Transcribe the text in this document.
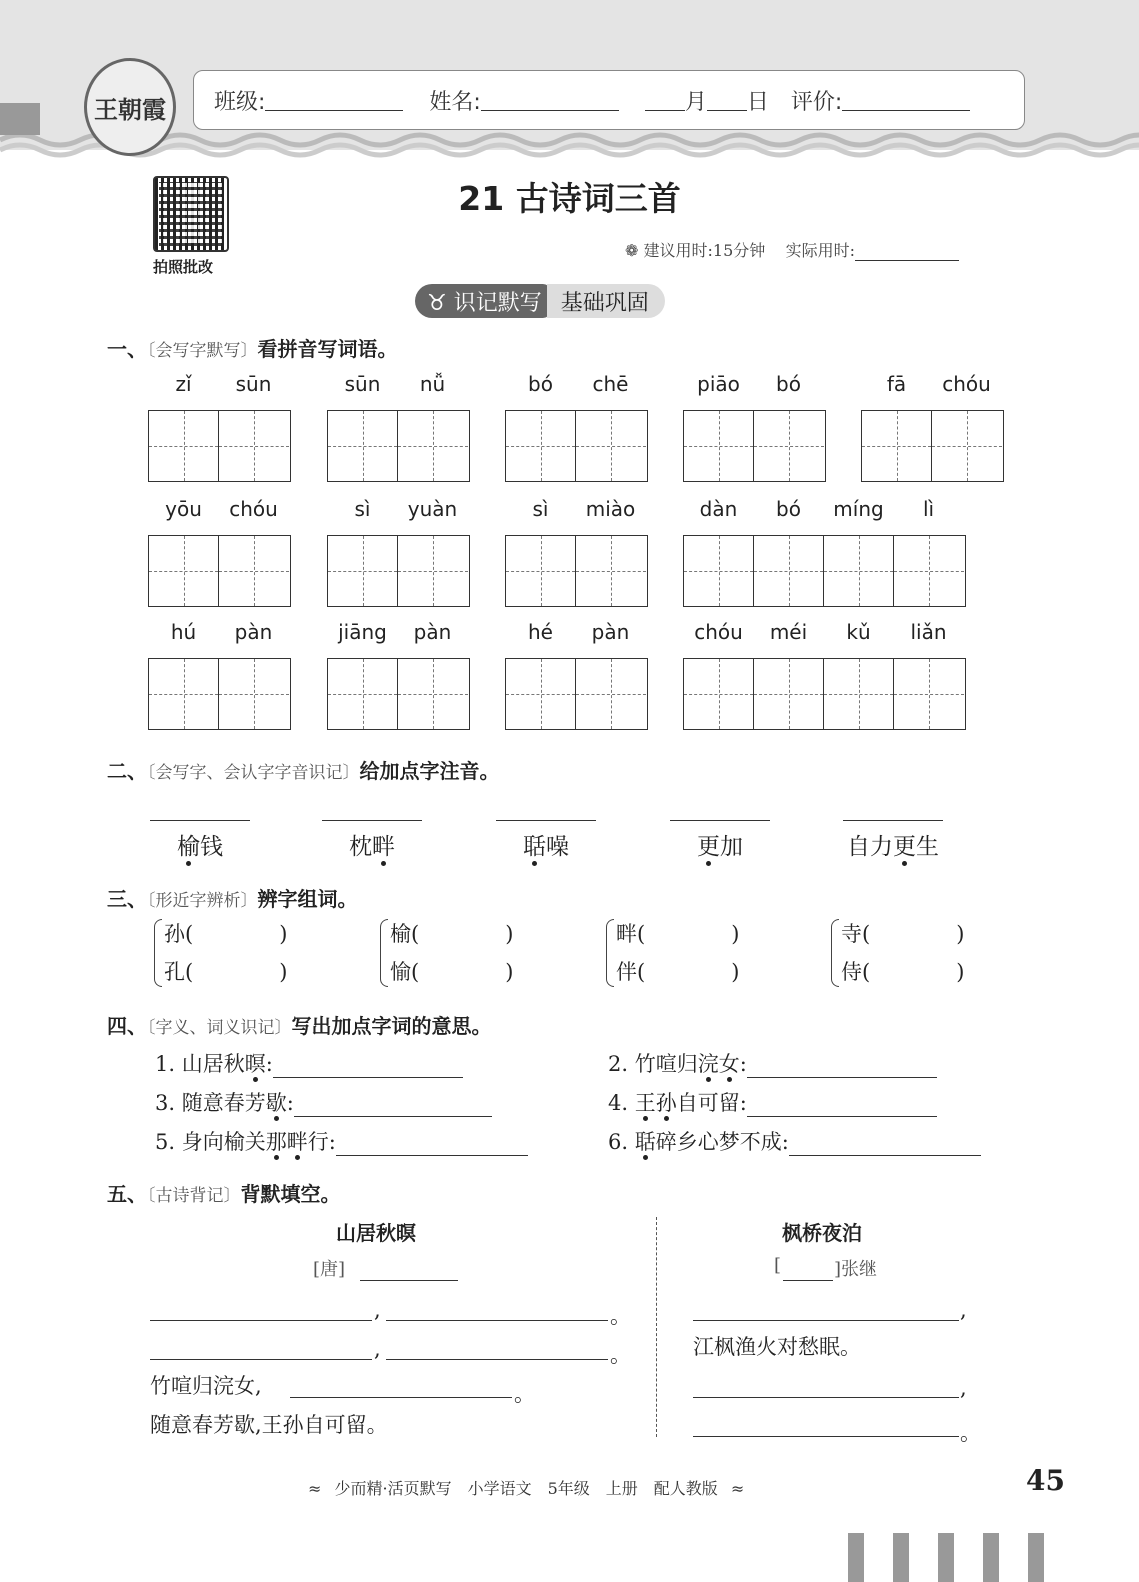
王朝霞 班级:	姓名:	月 日 评价:
拍照批改
21 古诗词三首
❁ 建议用时:15分钟 实际用时:
♉︎ 识记默写 基础巩固
一、〔会写字默写〕看拼音写词语。
zǐ	sūn	sūn	nǚ	bó	chē	piāo	bó	fā	chóu
yōu	chóu	sì	yuàn	sì	miào	dàn	bó	míng	lì
hú	pàn	jiāng	pàn	hé	pàn	chóu	méi	kǔ	liǎn
二、〔会写字、会认字字音识记〕给加点字注音。
榆钱	枕畔	聒噪	更加	自力更生
三、〔形近字辨析〕辨字组词。
孙(	)
孔(	)
榆(	)
愉(	)
畔(	)
伴(	)
寺(	)
侍(	)
四、〔字义、词义识记〕写出加点字词的意思。
1. 山居秋暝:	2. 竹喧归浣女:
3. 随意春芳歇:	4. 王孙自可留:
5. 身向榆关那畔行:	6. 聒碎乡心梦不成:
五、〔古诗背记〕背默填空。
山居秋暝
[唐]
,	。
,	。
竹喧归浣女,	。
随意春芳歇,王孙自可留。
枫桥夜泊
[	]张继
,
江枫渔火对愁眠。
,
。
≈ 少而精·活页默写　小学语文　5年级　上册　配人教版 ≈	45
